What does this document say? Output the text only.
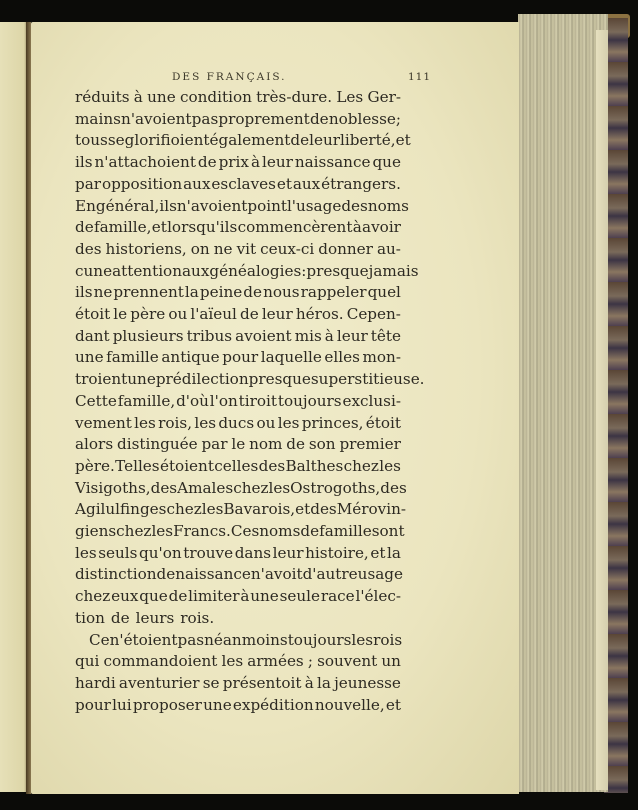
DES FRANÇAIS.	111
réduits à une condition très-dure. Les Ger-
mains n'avoient pas proprement de noblesse;
tous se glorifioient également de leur liberté, et
ils n'attachoient de prix à leur naissance que
par opposition aux esclaves et aux étrangers.
En général, ils n'avoient point l'usage des noms
de famille, et lorsqu'ils commencèrent à avoir
des historiens, on ne vit ceux-ci donner au-
cune attention aux généalogies: presque jamais
ils ne prennent la peine de nous rappeler quel
étoit le père ou l'aïeul de leur héros. Cepen-
dant plusieurs tribus avoient mis à leur tête
une famille antique pour laquelle elles mon-
troient une prédilection presque superstitieuse.
Cette famille, d'où l'on tiroit toujours exclusi-
vement les rois, les ducs ou les princes, étoit
alors distinguée par le nom de son premier
père. Telles étoient celles des Balthes chez les
Visigoths, des Amales chez les Ostrogoths, des
Agilulfinges chez les Bavarois, et des Mérovin-
giens chez les Francs. Ces noms de famille sont
les seuls qu'on trouve dans leur histoire, et la
distinction de naissance n'avoit d'autre usage
chez eux que de limiter à une seule race l'élec-
tion de leurs rois.
Ce n'étoient pas néanmoins toujours les rois
qui commandoient les armées ; souvent un
hardi aventurier se présentoit à la jeunesse
pour lui proposer une expédition nouvelle, et
